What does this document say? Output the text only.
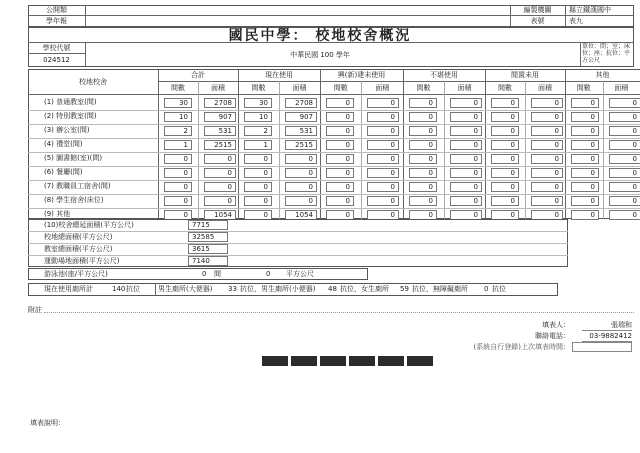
公開類
學年報
編製機關	縣立鐵漢國中
表號	表九
國民中學： 校地校舍概況
學校代號
024512
中華民國 100 學年
單位：間；室；床位；座；抗位；平方公尺
校地校舍
合計	現在使用	興(新)建未使用	不堪使用	閒置未用	其他
間數	面積	間數	面積	間數	面積	間數	面積	間數	面積	間數	面積
(1) 普通教室(間)	30	2708	30	2708	0	0	0	0	0	0	0	0
(2) 特別教室(間)	10	907	10	907	0	0	0	0	0	0	0	0
(3) 辦公室(間)	2	531	2	531	0	0	0	0	0	0	0	0
(4) 禮堂(間)	1	2515	1	2515	0	0	0	0	0	0	0	0
(5) 圖書館(室)(間)	0	0	0	0	0	0	0	0	0	0	0	0
(6) 餐廳(間)	0	0	0	0	0	0	0	0	0	0	0	0
(7) 教職員工宿舍(間)	0	0	0	0	0	0	0	0	0	0	0	0
(8) 學生宿舍(床位)	0	0	0	0	0	0	0	0	0	0	0	0
(9) 其他	0	1054	0	1054	0	0	0	0	0	0	0	0
(10)校舍總延面積(平方公尺)	7715
校地總面積(平方公尺)	32585
教室總面積(平方公尺)	3615
運動場地面積(平方公尺)	7140
游泳池(座/平方公尺)	0 間	0 平方公尺
現在使用廁所計	140 抗位	男生廁所(大便器) 33 抗位，男生廁所(小便器) 48 抗位，女生廁所 59 抗位，無障礙廁所 0 抗位
附註
填表人：	張瑞和
聯絡電話：	03-9882412
(系統自行登錄)上次填表時間：
填表說明：
